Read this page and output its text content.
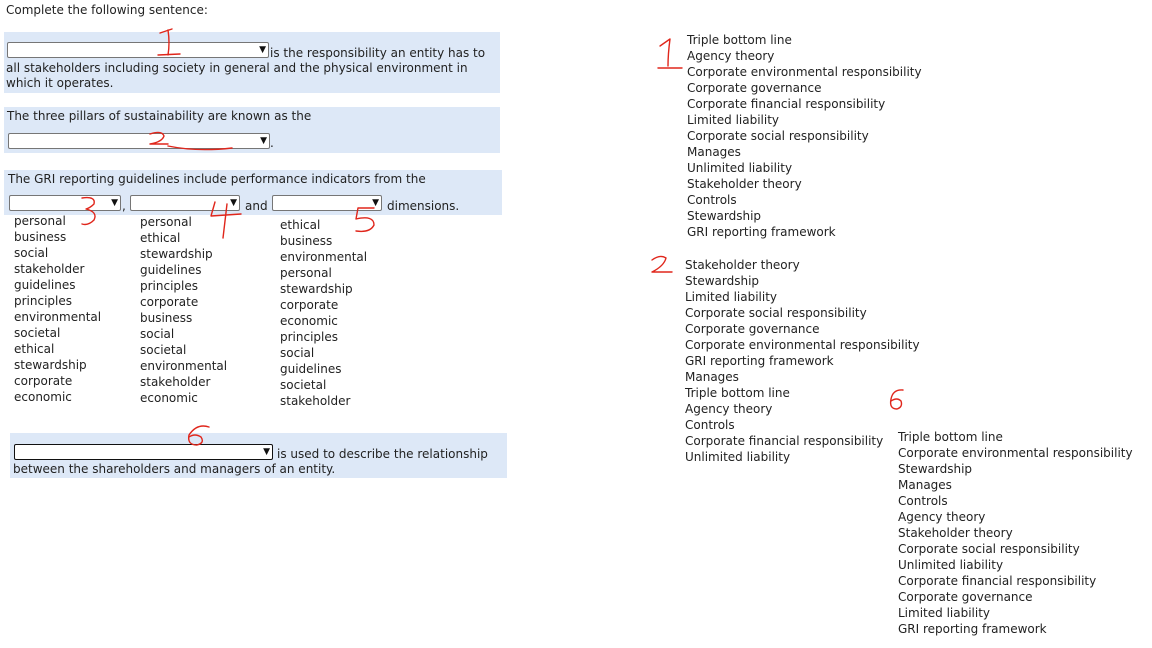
Complete the following sentence:
▼ is the responsibility an entity has to
all stakeholders including society in general and the physical environment in
which it operates.
The three pillars of sustainability are known as the
▼ .
The GRI reporting guidelines include performance indicators from the
▼ ,	▼ and	▼ dimensions.
personal
business
social
stakeholder
guidelines
principles
environmental
societal
ethical
stewardship
corporate
economic
personal
ethical
stewardship
guidelines
principles
corporate
business
social
societal
environmental
stakeholder
economic
ethical
business
environmental
personal
stewardship
corporate
economic
principles
social
guidelines
societal
stakeholder
▼ is used to describe the relationship
between the shareholders and managers of an entity.
Triple bottom line
Agency theory
Corporate environmental responsibility
Corporate governance
Corporate financial responsibility
Limited liability
Corporate social responsibility
Manages
Unlimited liability
Stakeholder theory
Controls
Stewardship
GRI reporting framework
Stakeholder theory
Stewardship
Limited liability
Corporate social responsibility
Corporate governance
Corporate environmental responsibility
GRI reporting framework
Manages
Triple bottom line
Agency theory
Controls
Corporate financial responsibility
Unlimited liability
Triple bottom line
Corporate environmental responsibility
Stewardship
Manages
Controls
Agency theory
Stakeholder theory
Corporate social responsibility
Unlimited liability
Corporate financial responsibility
Corporate governance
Limited liability
GRI reporting framework
